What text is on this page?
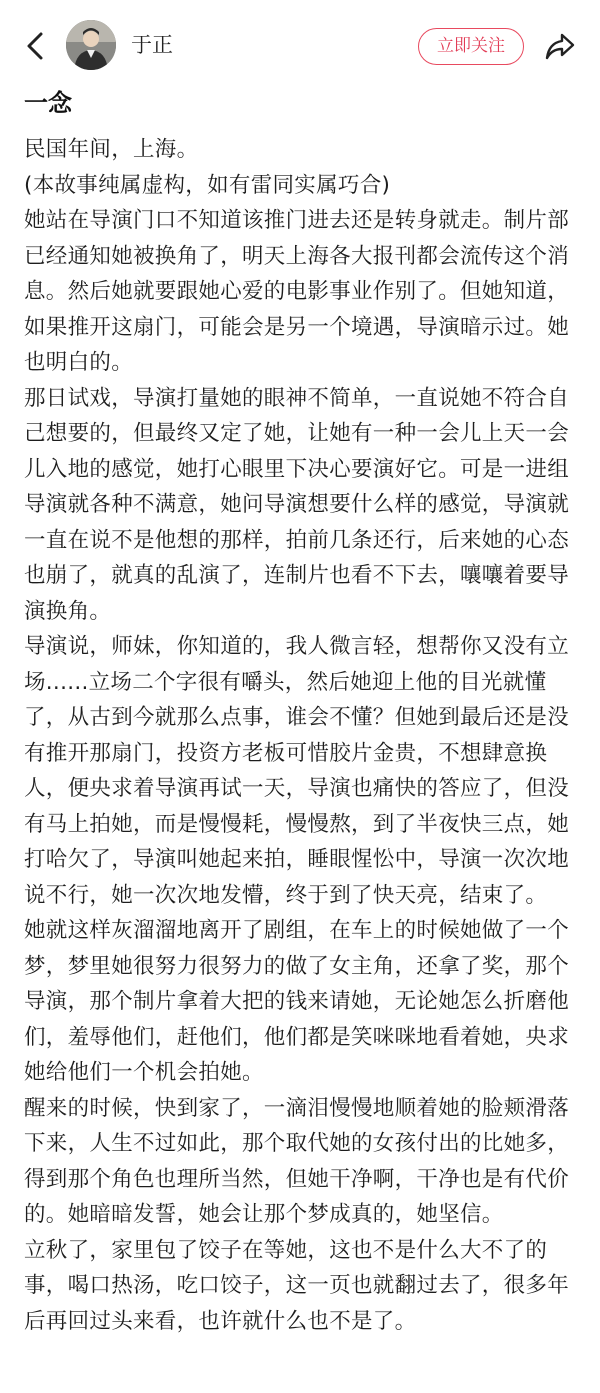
于正	立即关注
一念

民国年间，上海。

(本故事纯属虚构，如有雷同实属巧合)

她站在导演门口不知道该推门进去还是转身就走。制片部已经通知她被换角了，明天上海各大报刊都会流传这个消息。然后她就要跟她心爱的电影事业作别了。但她知道，如果推开这扇门，可能会是另一个境遇，导演暗示过。她也明白的。

那日试戏，导演打量她的眼神不简单，一直说她不符合自己想要的，但最终又定了她，让她有一种一会儿上天一会儿入地的感觉，她打心眼里下决心要演好它。可是一进组导演就各种不满意，她问导演想要什么样的感觉，导演就一直在说不是他想的那样，拍前几条还行，后来她的心态也崩了，就真的乱演了，连制片也看不下去，嚷嚷着要导演换角。

导演说，师妹，你知道的，我人微言轻，想帮你又没有立场......立场二个字很有嚼头，然后她迎上他的目光就懂了，从古到今就那么点事，谁会不懂？但她到最后还是没有推开那扇门，投资方老板可惜胶片金贵，不想肆意换人，便央求着导演再试一天，导演也痛快的答应了，但没有马上拍她，而是慢慢耗，慢慢熬，到了半夜快三点，她打哈欠了，导演叫她起来拍，睡眼惺忪中，导演一次次地说不行，她一次次地发懵，终于到了快天亮，结束了。

她就这样灰溜溜地离开了剧组，在车上的时候她做了一个梦，梦里她很努力很努力的做了女主角，还拿了奖，那个导演，那个制片拿着大把的钱来请她，无论她怎么折磨他们，羞辱他们，赶他们，他们都是笑咪咪地看着她，央求她给他们一个机会拍她。

醒来的时候，快到家了，一滴泪慢慢地顺着她的脸颊滑落下来，人生不过如此，那个取代她的女孩付出的比她多，得到那个角色也理所当然，但她干净啊，干净也是有代价的。她暗暗发誓，她会让那个梦成真的，她坚信。

立秋了，家里包了饺子在等她，这也不是什么大不了的事，喝口热汤，吃口饺子，这一页也就翻过去了，很多年后再回过头来看，也许就什么也不是了。
